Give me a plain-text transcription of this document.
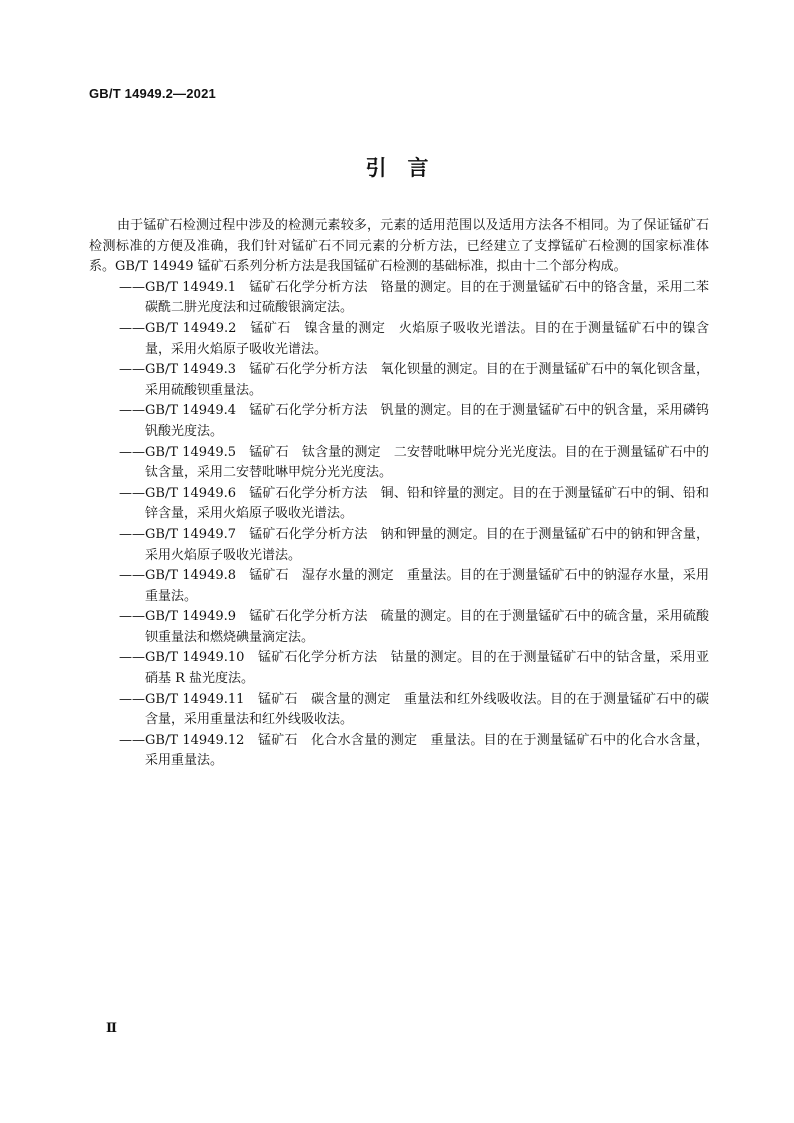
GB/T 14949.2—2021
引　言

由于锰矿石检测过程中涉及的检测元素较多，元素的适用范围以及适用方法各不相同。为了保证锰矿石检测标准的方便及准确，我们针对锰矿石不同元素的分析方法，已经建立了支撑锰矿石检测的国家标准体系。GB/T 14949 锰矿石系列分析方法是我国锰矿石检测的基础标准，拟由十二个部分构成。

—— GB/T 14949.1　锰矿石化学分析方法　铬量的测定。目的在于测量锰矿石中的铬含量，采用二苯碳酰二肼光度法和过硫酸银滴定法。

—— GB/T 14949.2　锰矿石　镍含量的测定　火焰原子吸收光谱法。目的在于测量锰矿石中的镍含量，采用火焰原子吸收光谱法。

—— GB/T 14949.3　锰矿石化学分析方法　氧化钡量的测定。目的在于测量锰矿石中的氧化钡含量，采用硫酸钡重量法。

—— GB/T 14949.4　锰矿石化学分析方法　钒量的测定。目的在于测量锰矿石中的钒含量，采用磷钨钒酸光度法。

—— GB/T 14949.5　锰矿石　钛含量的测定　二安替吡啉甲烷分光光度法。目的在于测量锰矿石中的钛含量，采用二安替吡啉甲烷分光光度法。

—— GB/T 14949.6　锰矿石化学分析方法　铜、铅和锌量的测定。目的在于测量锰矿石中的铜、铅和锌含量，采用火焰原子吸收光谱法。

—— GB/T 14949.7　锰矿石化学分析方法　钠和钾量的测定。目的在于测量锰矿石中的钠和钾含量，采用火焰原子吸收光谱法。

—— GB/T 14949.8　锰矿石　湿存水量的测定　重量法。目的在于测量锰矿石中的钠湿存水量，采用重量法。

—— GB/T 14949.9　锰矿石化学分析方法　硫量的测定。目的在于测量锰矿石中的硫含量，采用硫酸钡重量法和燃烧碘量滴定法。

—— GB/T 14949.10　锰矿石化学分析方法　钴量的测定。目的在于测量锰矿石中的钴含量，采用亚硝基 R 盐光度法。

—— GB/T 14949.11　锰矿石　碳含量的测定　重量法和红外线吸收法。目的在于测量锰矿石中的碳含量，采用重量法和红外线吸收法。

—— GB/T 14949.12　锰矿石　化合水含量的测定　重量法。目的在于测量锰矿石中的化合水含量，采用重量法。

Ⅱ
